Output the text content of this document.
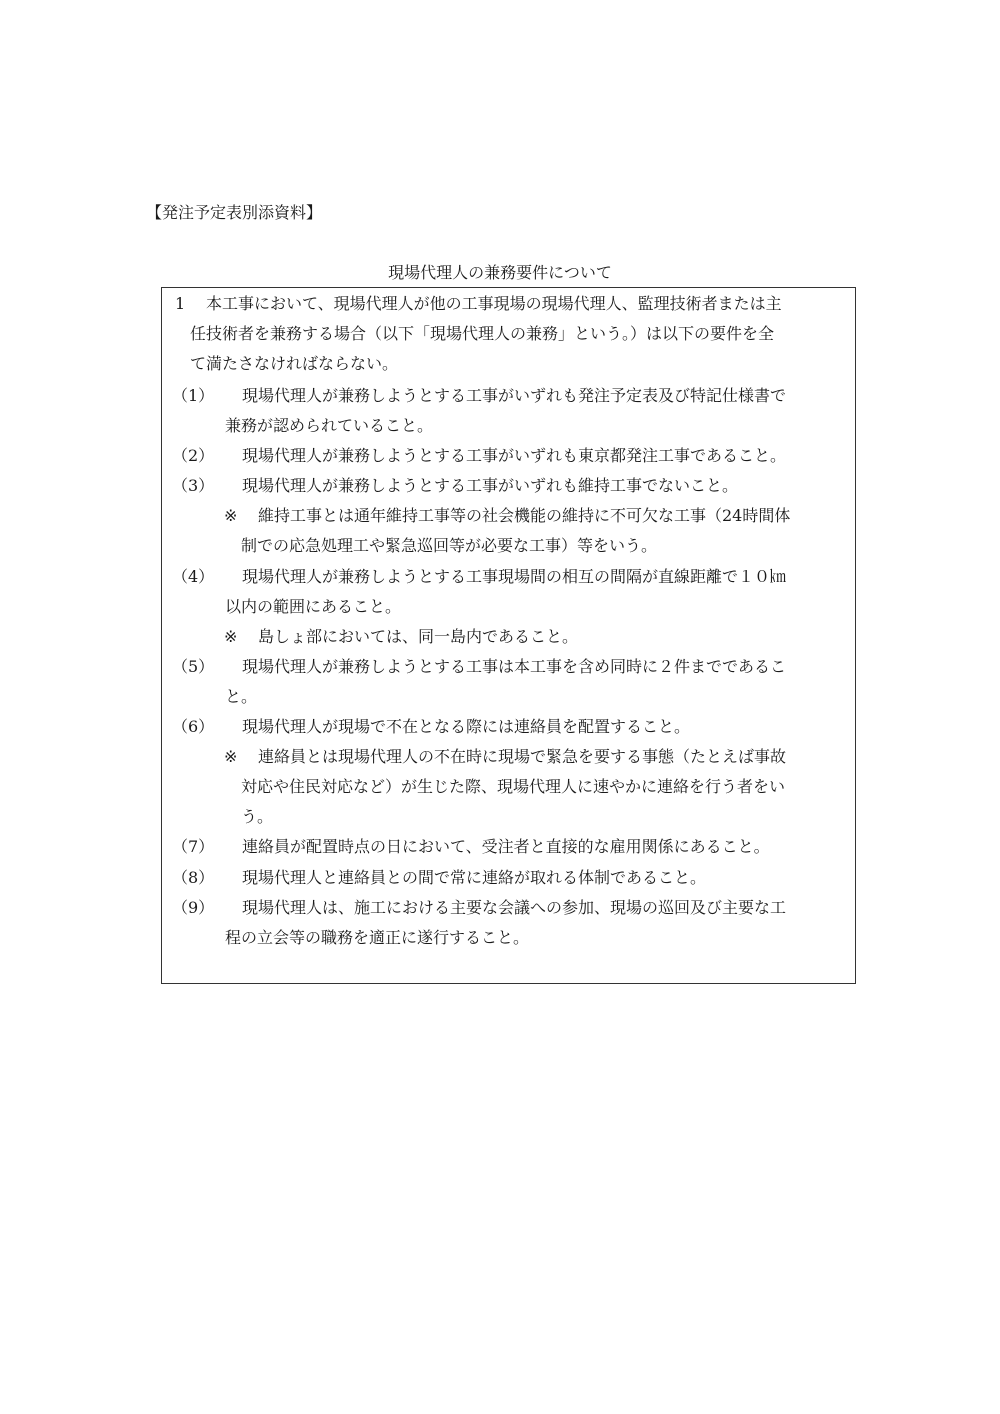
【発注予定表別添資料】
現場代理人の兼務要件について
1 本工事において、現場代理人が他の工事現場の現場代理人、監理技術者または主
任技術者を兼務する場合（以下「現場代理人の兼務」という。）は以下の要件を全
て満たさなければならない。
（1） 現場代理人が兼務しようとする工事がいずれも発注予定表及び特記仕様書で
兼務が認められていること。
（2） 現場代理人が兼務しようとする工事がいずれも東京都発注工事であること。
（3） 現場代理人が兼務しようとする工事がいずれも維持工事でないこと。
※ 維持工事とは通年維持工事等の社会機能の維持に不可欠な工事（24時間体
制での応急処理工や緊急巡回等が必要な工事）等をいう。
（4） 現場代理人が兼務しようとする工事現場間の相互の間隔が直線距離で１０㎞
以内の範囲にあること。
※ 島しょ部においては、同一島内であること。
（5） 現場代理人が兼務しようとする工事は本工事を含め同時に２件までであるこ
と。
（6） 現場代理人が現場で不在となる際には連絡員を配置すること。
※ 連絡員とは現場代理人の不在時に現場で緊急を要する事態（たとえば事故
対応や住民対応など）が生じた際、現場代理人に速やかに連絡を行う者をい
う。
（7） 連絡員が配置時点の日において、受注者と直接的な雇用関係にあること。
（8） 現場代理人と連絡員との間で常に連絡が取れる体制であること。
（9） 現場代理人は、施工における主要な会議への参加、現場の巡回及び主要な工
程の立会等の職務を適正に遂行すること。
